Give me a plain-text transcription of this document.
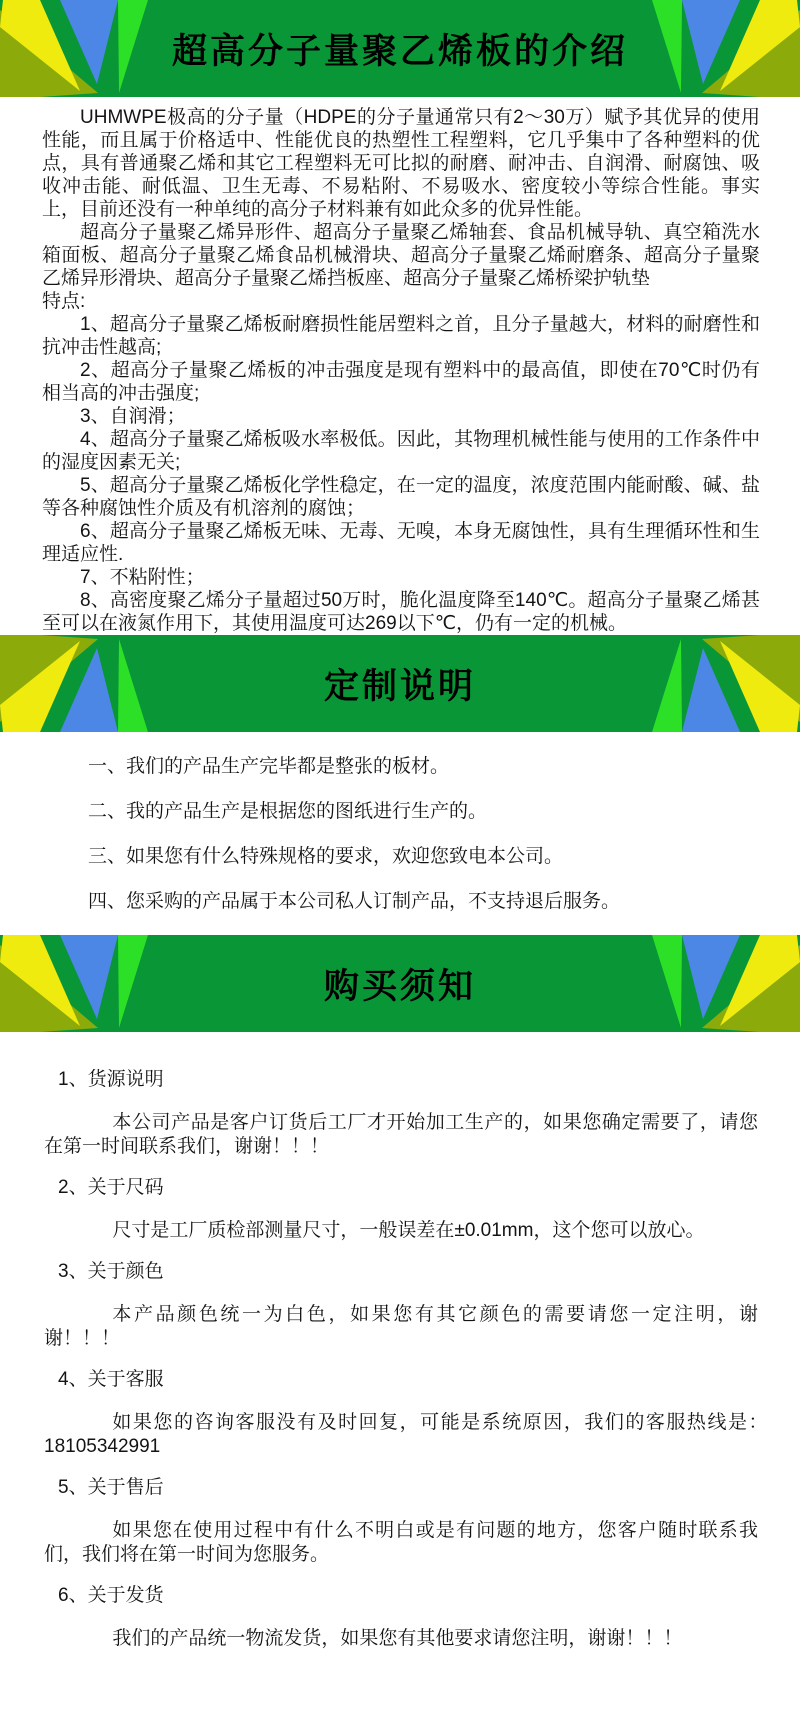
超高分子量聚乙烯板的介绍

UHMWPE极高的分子量（HDPE的分子量通常只有2～30万）赋予其优异的使用性能，而且属于价格适中、性能优良的热塑性工程塑料，它几乎集中了各种塑料的优点，具有普通聚乙烯和其它工程塑料无可比拟的耐磨、耐冲击、自润滑、耐腐蚀、吸收冲击能、耐低温、卫生无毒、不易粘附、不易吸水、密度较小等综合性能。事实上，目前还没有一种单纯的高分子材料兼有如此众多的优异性能。

超高分子量聚乙烯异形件、超高分子量聚乙烯轴套、食品机械导轨、真空箱洗水箱面板、超高分子量聚乙烯食品机械滑块、超高分子量聚乙烯耐磨条、超高分子量聚乙烯异形滑块、超高分子量聚乙烯挡板座、超高分子量聚乙烯桥梁护轨垫

特点:

1、超高分子量聚乙烯板耐磨损性能居塑料之首，且分子量越大，材料的耐磨性和抗冲击性越高;

2、超高分子量聚乙烯板的冲击强度是现有塑料中的最高值，即使在70℃时仍有相当高的冲击强度;

3、自润滑；

4、超高分子量聚乙烯板吸水率极低。因此，其物理机械性能与使用的工作条件中的湿度因素无关;

5、超高分子量聚乙烯板化学性稳定，在一定的温度，浓度范围内能耐酸、碱、盐等各种腐蚀性介质及有机溶剂的腐蚀；

6、超高分子量聚乙烯板无味、无毒、无嗅，本身无腐蚀性，具有生理循环性和生理适应性.

7、不粘附性；

8、高密度聚乙烯分子量超过50万时，脆化温度降至140℃。超高分子量聚乙烯甚至可以在液氮作用下，其使用温度可达269以下℃，仍有一定的机械。

定制说明

一、我们的产品生产完毕都是整张的板材。

二、我的产品生产是根据您的图纸进行生产的。

三、如果您有什么特殊规格的要求，欢迎您致电本公司。

四、您采购的产品属于本公司私人订制产品，不支持退后服务。

购买须知
1、货源说明

本公司产品是客户订货后工厂才开始加工生产的，如果您确定需要了，请您在第一时间联系我们，谢谢！！！

2、关于尺码

尺寸是工厂质检部测量尺寸，一般误差在±0.01mm，这个您可以放心。

3、关于颜色

本产品颜色统一为白色，如果您有其它颜色的需要请您一定注明，谢谢！！！

4、关于客服

如果您的咨询客服没有及时回复，可能是系统原因，我们的客服热线是：　 18105342991

5、关于售后

如果您在使用过程中有什么不明白或是有问题的地方，您客户随时联系我们，我们将在第一时间为您服务。

6、关于发货

我们的产品统一物流发货，如果您有其他要求请您注明，谢谢！！！
